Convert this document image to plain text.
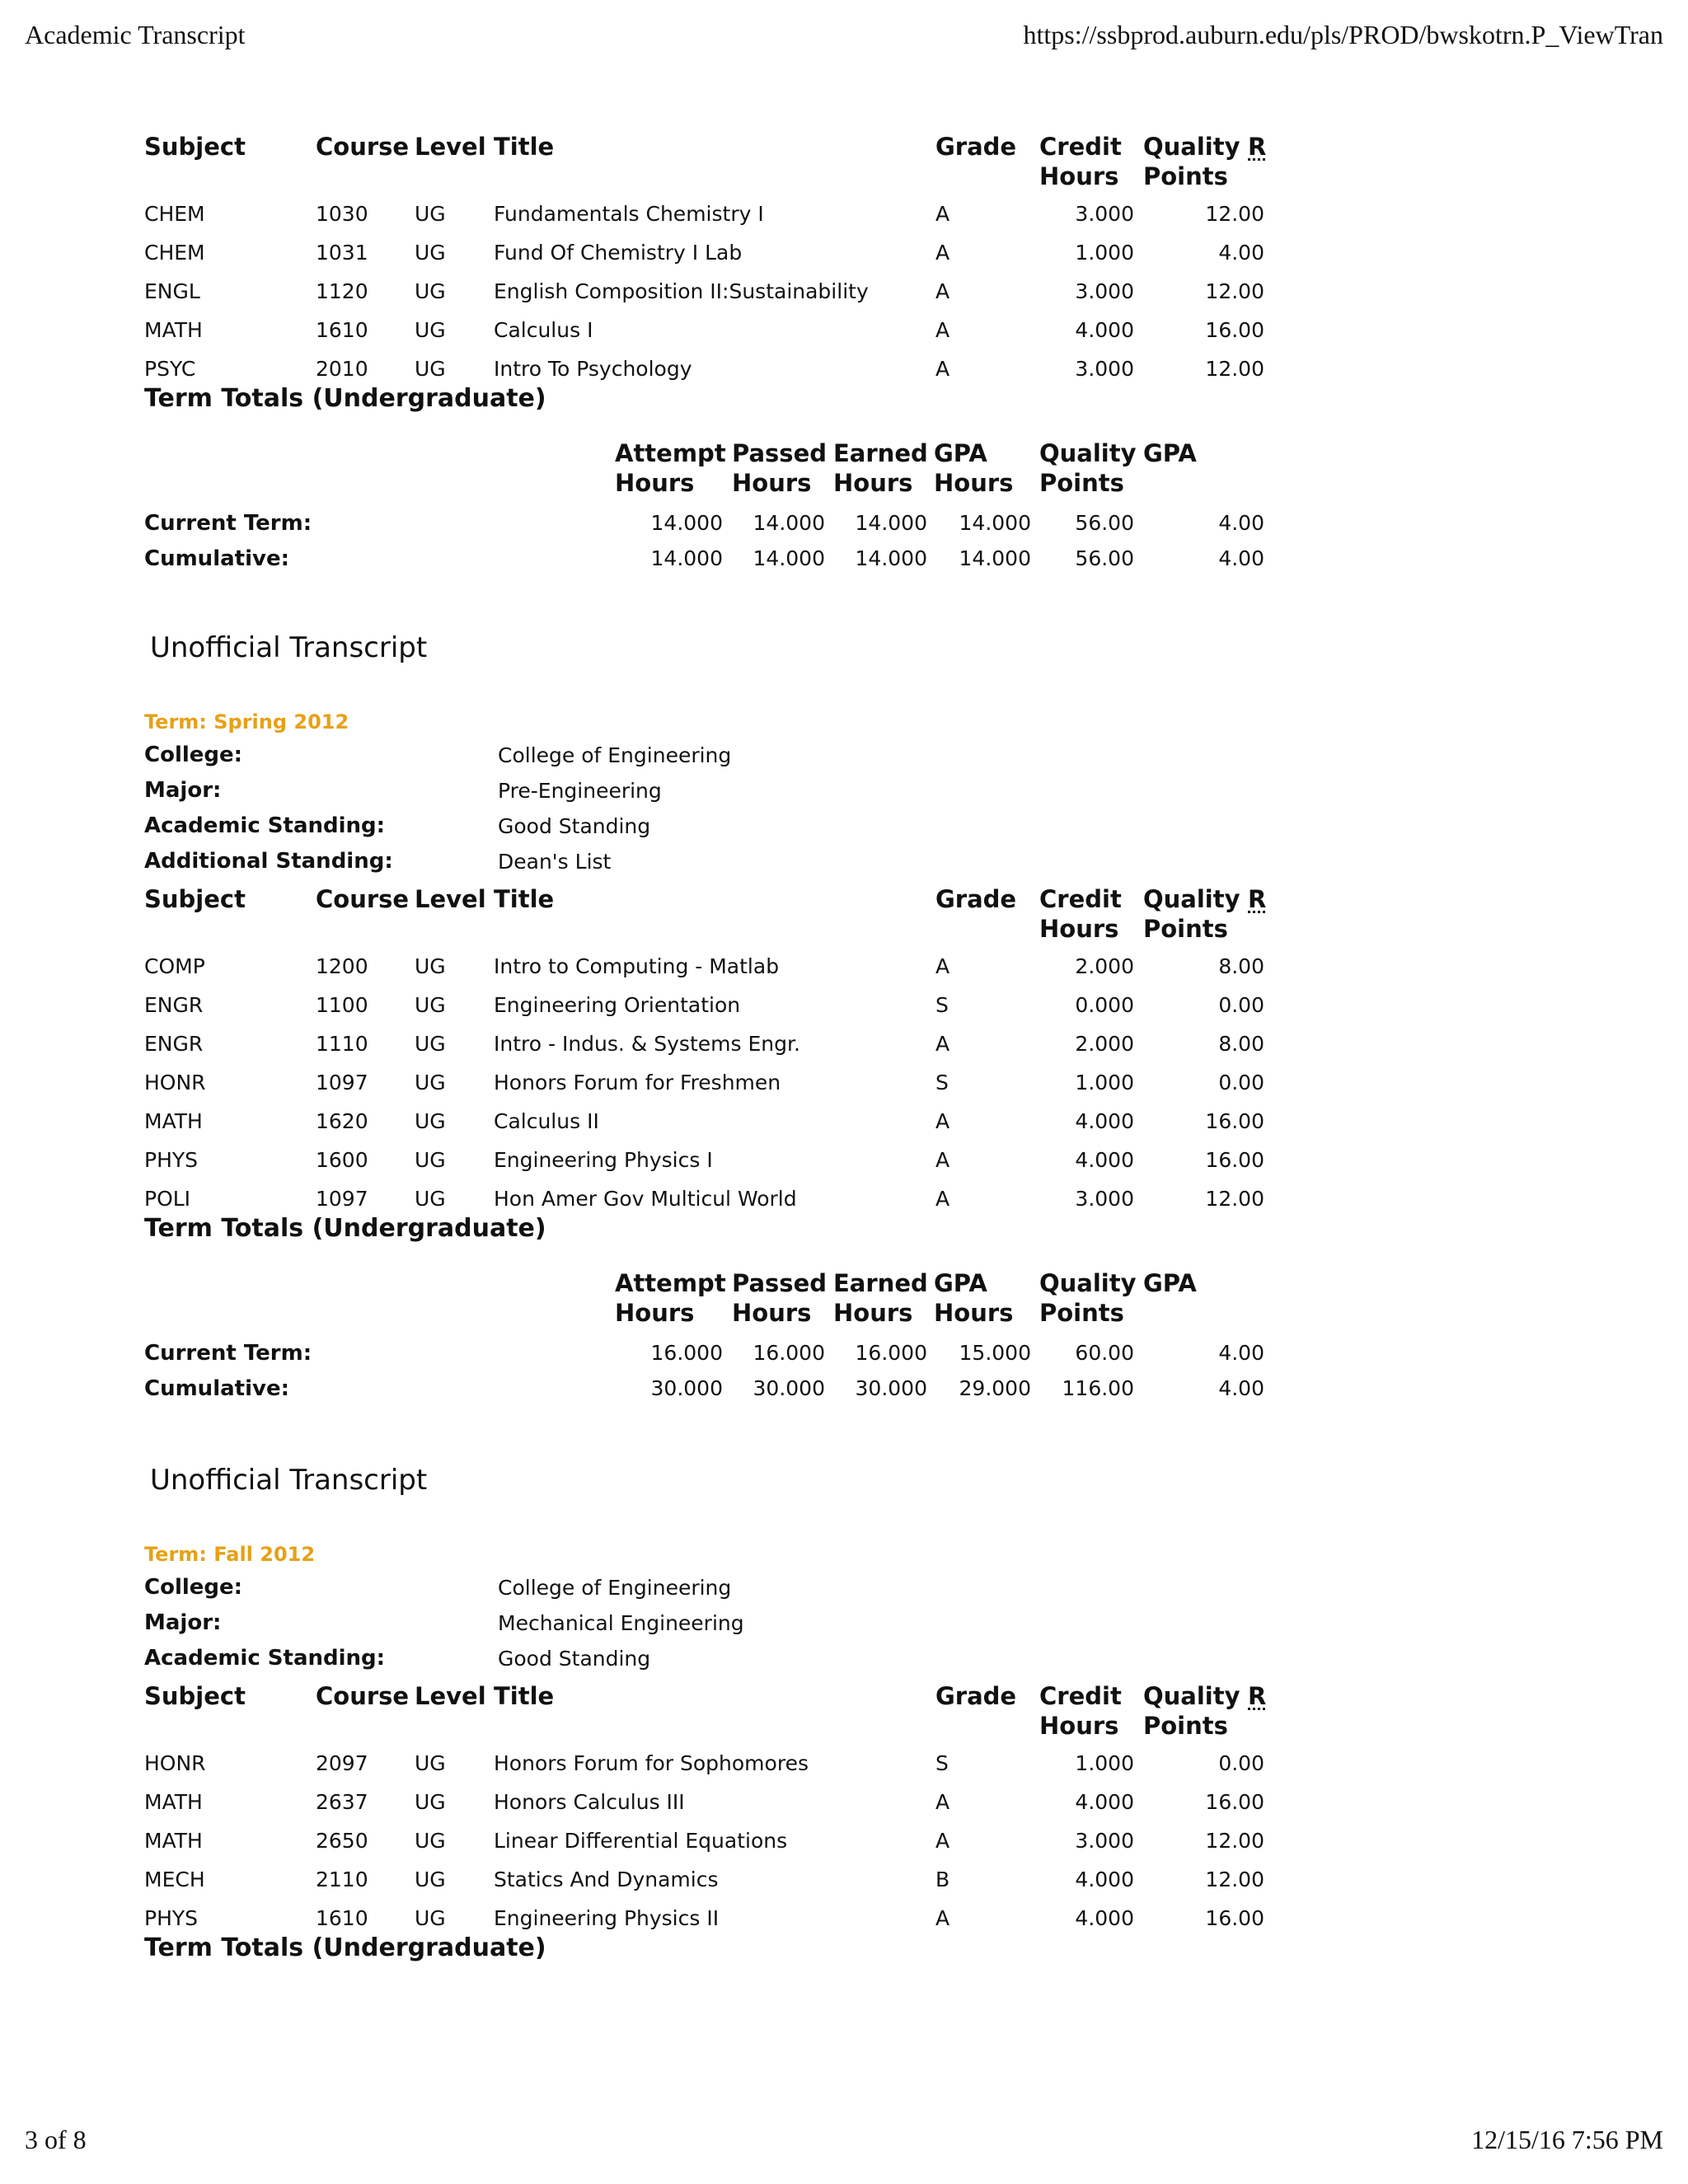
Academic Transcript	https://ssbprod.auburn.edu/pls/PROD/bwskotrn.P_ViewTran
Subject	Course Level Title	Grade Credit
Hours
Quality
Points
R
CHEM	1030 UG Fundamentals Chemistry I	A	3.000	12.00
CHEM	1031 UG Fund Of Chemistry I Lab	A	1.000	4.00
ENGL	1120 UG English Composition II:Sustainability	A	3.000	12.00
MATH	1610 UG Calculus I	A	4.000	16.00
PSYC	2010 UG Intro To Psychology	A	3.000	12.00
Term Totals (Undergraduate)
Attempt
Hours
Passed
Hours
Earned
Hours
GPA
Hours
Quality
Points
GPA
Current Term:	14.000	14.000	14.000	14.000	56.00	4.00
Cumulative:	14.000	14.000	14.000	14.000	56.00	4.00
Unofficial Transcript
Term: Spring 2012
College:	College of Engineering
Major:	Pre-Engineering
Academic Standing:	Good Standing
Additional Standing:	Dean's List
Subject	Course Level Title	Grade Credit
Hours
Quality
Points
R
COMP	1200 UG Intro to Computing - Matlab	A	2.000	8.00
ENGR	1100 UG Engineering Orientation	S	0.000	0.00
ENGR	1110 UG Intro - Indus. & Systems Engr.	A	2.000	8.00
HONR	1097 UG Honors Forum for Freshmen	S	1.000	0.00
MATH	1620 UG Calculus II	A	4.000	16.00
PHYS	1600 UG Engineering Physics I	A	4.000	16.00
POLI	1097 UG Hon Amer Gov Multicul World	A	3.000	12.00
Term Totals (Undergraduate)
Attempt
Hours
Passed
Hours
Earned
Hours
GPA
Hours
Quality
Points
GPA
Current Term:	16.000	16.000	16.000	15.000	60.00	4.00
Cumulative:	30.000	30.000	30.000	29.000	116.00	4.00
Unofficial Transcript
Term: Fall 2012
College:	College of Engineering
Major:	Mechanical Engineering
Academic Standing:	Good Standing
Subject	Course Level Title	Grade Credit
Hours
Quality
Points
R
HONR	2097 UG Honors Forum for Sophomores	S	1.000	0.00
MATH	2637 UG Honors Calculus III	A	4.000	16.00
MATH	2650 UG Linear Differential Equations	A	3.000	12.00
MECH	2110 UG Statics And Dynamics	B	4.000	12.00
PHYS	1610 UG Engineering Physics II	A	4.000	16.00
Term Totals (Undergraduate)
3 of 8	12/15/16 7:56 PM
